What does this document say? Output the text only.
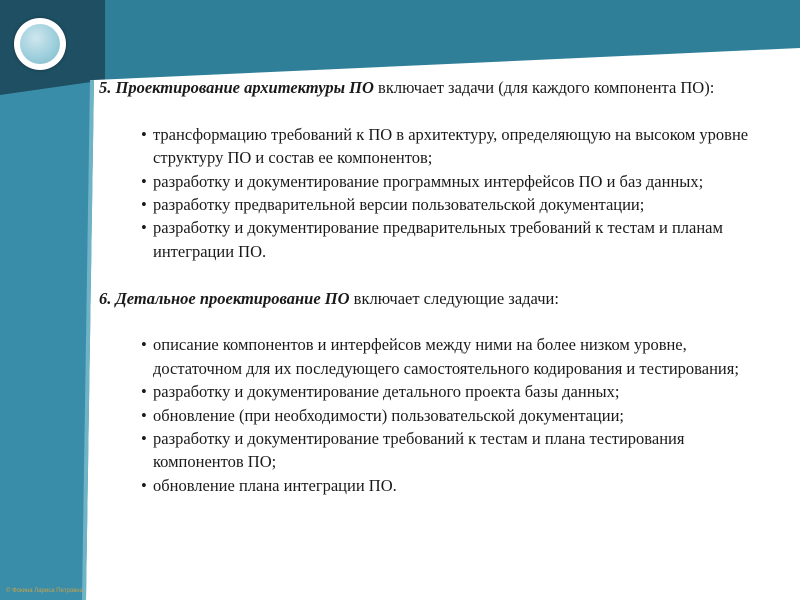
5. Проектирование архитектуры ПО включает задачи (для каждого компонента ПО):

• трансформацию требований к ПО в архитектуру, определяющую на высоком уровне структуру ПО и состав ее компонентов;
• разработку и документирование программных интерфейсов ПО и баз данных;
• разработку предварительной версии пользовательской документации;
• разработку и документирование предварительных требований к тестам и планам интеграции ПО.

6. Детальное проектирование ПО включает следующие задачи:

• описание компонентов и интерфейсов между ними на более низком уровне, достаточном для их последующего самостоятельного кодирования и тестирования;
• разработку и документирование детального проекта базы данных;
• обновление (при необходимости) пользовательской документации;
• разработку и документирование требований к тестам и плана тестирования компонентов ПО;
• обновление плана интеграции ПО.
© Фокина Лариса Петровна
